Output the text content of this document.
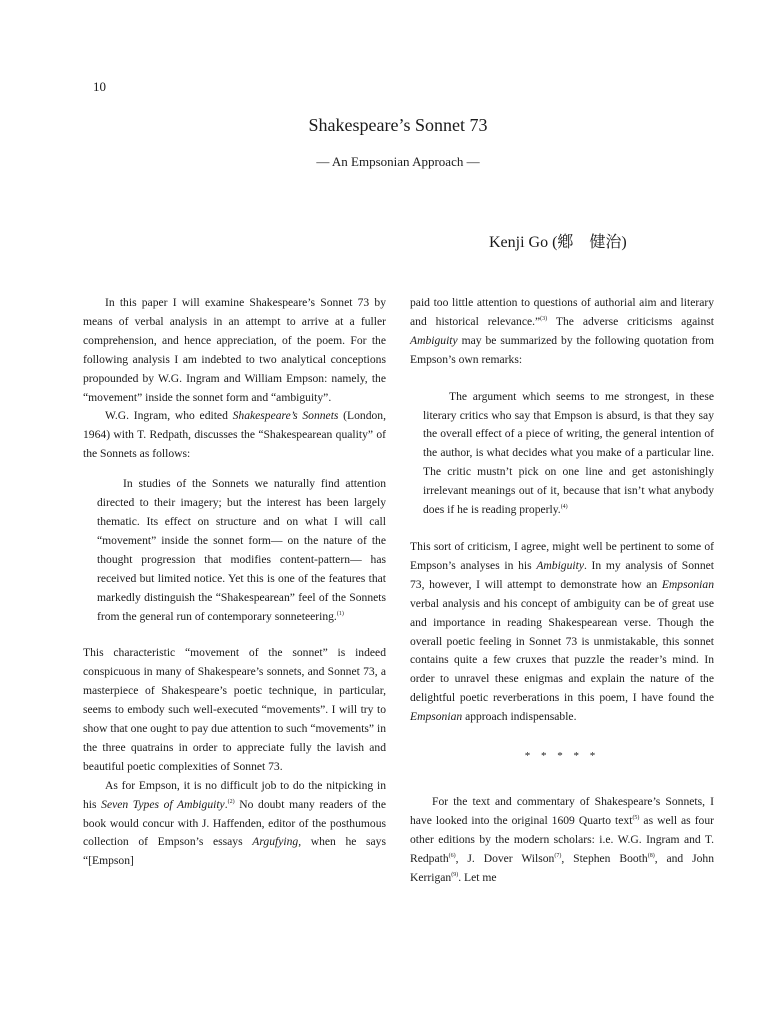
10
Shakespeare’s Sonnet 73
— An Empsonian Approach —
Kenji Go (鄕　健治)

In this paper I will examine Shakespeare’s Sonnet 73 by means of verbal analysis in an attempt to arrive at a fuller comprehension, and hence appreciation, of the poem. For the following analysis I am indebted to two analytical conceptions propounded by W.G. Ingram and William Empson: namely, the “movement” inside the sonnet form and “ambiguity”.

W.G. Ingram, who edited Shakespeare’s Sonnets (London, 1964) with T. Redpath, discusses the “Shakespearean quality” of the Sonnets as follows:

In studies of the Sonnets we naturally find attention directed to their imagery; but the interest has been largely thematic. Its effect on structure and on what I will call “movement” inside the sonnet form— on the nature of the thought progression that modifies content-pattern— has received but limited notice. Yet this is one of the features that markedly distinguish the “Shakespearean” feel of the Sonnets from the general run of contemporary sonneteering.$^{(1)}$

This characteristic “movement of the sonnet” is indeed conspicuous in many of Shakespeare’s sonnets, and Sonnet 73, a masterpiece of Shakespeare’s poetic technique, in particular, seems to embody such well-executed “movements”. I will try to show that one ought to pay due attention to such “movements” in the three quatrains in order to appreciate fully the lavish and beautiful poetic complexities of Sonnet 73.

As for Empson, it is no difficult job to do the nitpicking in his Seven Types of Ambiguity.$^{(2)}$ No doubt many readers of the book would concur with J. Haffenden, editor of the posthumous collection of Empson’s essays Argufying, when he says “[Empson]

paid too little attention to questions of authorial aim and literary and historical relevance.”$^{(3)}$ The adverse criticisms against Ambiguity may be summarized by the following quotation from Empson’s own remarks:

The argument which seems to me strongest, in these literary critics who say that Empson is absurd, is that they say the overall effect of a piece of writing, the general intention of the author, is what decides what you make of a particular line. The critic mustn’t pick on one line and get astonishingly irrelevant meanings out of it, because that isn’t what anybody does if he is reading properly.$^{(4)}$

This sort of criticism, I agree, might well be pertinent to some of Empson’s analyses in his Ambiguity. In my analysis of Sonnet 73, however, I will attempt to demonstrate how an Empsonian verbal analysis and his concept of ambiguity can be of great use and importance in reading Shakespearean verse. Though the overall poetic feeling in Sonnet 73 is unmistakable, this sonnet contains quite a few cruxes that puzzle the reader’s mind. In order to unravel these enigmas and explain the nature of the delightful poetic reverberations in this poem, I have found the Empsonian approach indispensable.

* * * * *

For the text and commentary of Shakespeare’s Sonnets, I have looked into the original 1609 Quarto text$^{(5)}$ as well as four other editions by the modern scholars: i.e. W.G. Ingram and T. Redpath$^{(6)}$, J. Dover Wilson$^{(7)}$, Stephen Booth$^{(8)}$, and John Kerrigan$^{(9)}$. Let me
